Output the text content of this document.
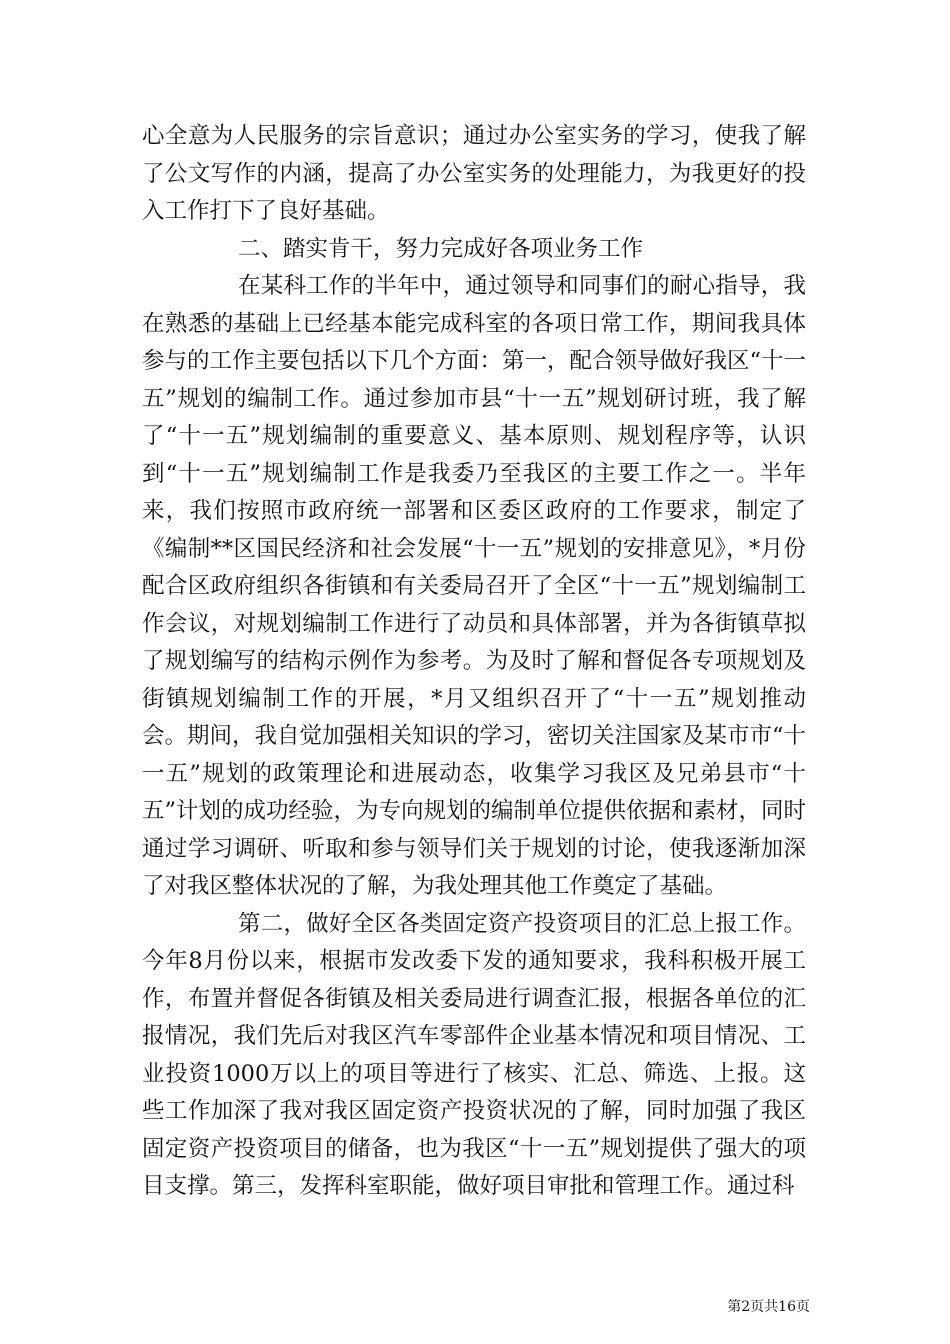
心全意为人民服务的宗旨意识；通过办公室实务的学习，使我了解了公文写作的内涵，提高了办公室实务的处理能力，为我更好的投入工作打下了良好基础。

二、踏实肯干，努力完成好各项业务工作

在某科工作的半年中，通过领导和同事们的耐心指导，我在熟悉的基础上已经基本能完成科室的各项日常工作，期间我具体参与的工作主要包括以下几个方面：第一，配合领导做好我区“十一五”规划的编制工作。通过参加市县“十一五”规划研讨班，我了解了“十一五”规划编制的重要意义、基本原则、规划程序等，认识到“十一五”规划编制工作是我委乃至我区的主要工作之一。半年来，我们按照市政府统一部署和区委区政府的工作要求，制定了《编制**区国民经济和社会发展“十一五”规划的安排意见》，*月份配合区政府组织各街镇和有关委局召开了全区“十一五”规划编制工作会议，对规划编制工作进行了动员和具体部署，并为各街镇草拟了规划编写的结构示例作为参考。为及时了解和督促各专项规划及街镇规划编制工作的开展，*月又组织召开了“十一五”规划推动会。期间，我自觉加强相关知识的学习，密切关注国家及某市市“十一五”规划的政策理论和进展动态，收集学习我区及兄弟县市“十五”计划的成功经验，为专向规划的编制单位提供依据和素材，同时通过学习调研、听取和参与领导们关于规划的讨论，使我逐渐加深了对我区整体状况的了解，为我处理其他工作奠定了基础。

第二，做好全区各类固定资产投资项目的汇总上报工作。今年8月份以来，根据市发改委下发的通知要求，我科积极开展工作，布置并督促各街镇及相关委局进行调查汇报，根据各单位的汇报情况，我们先后对我区汽车零部件企业基本情况和项目情况、工业投资1000万以上的项目等进行了核实、汇总、筛选、上报。这些工作加深了我对我区固定资产投资状况的了解，同时加强了我区固定资产投资项目的储备，也为我区“十一五”规划提供了强大的项目支撑。第三，发挥科室职能，做好项目审批和管理工作。通过科

第2页共16页
